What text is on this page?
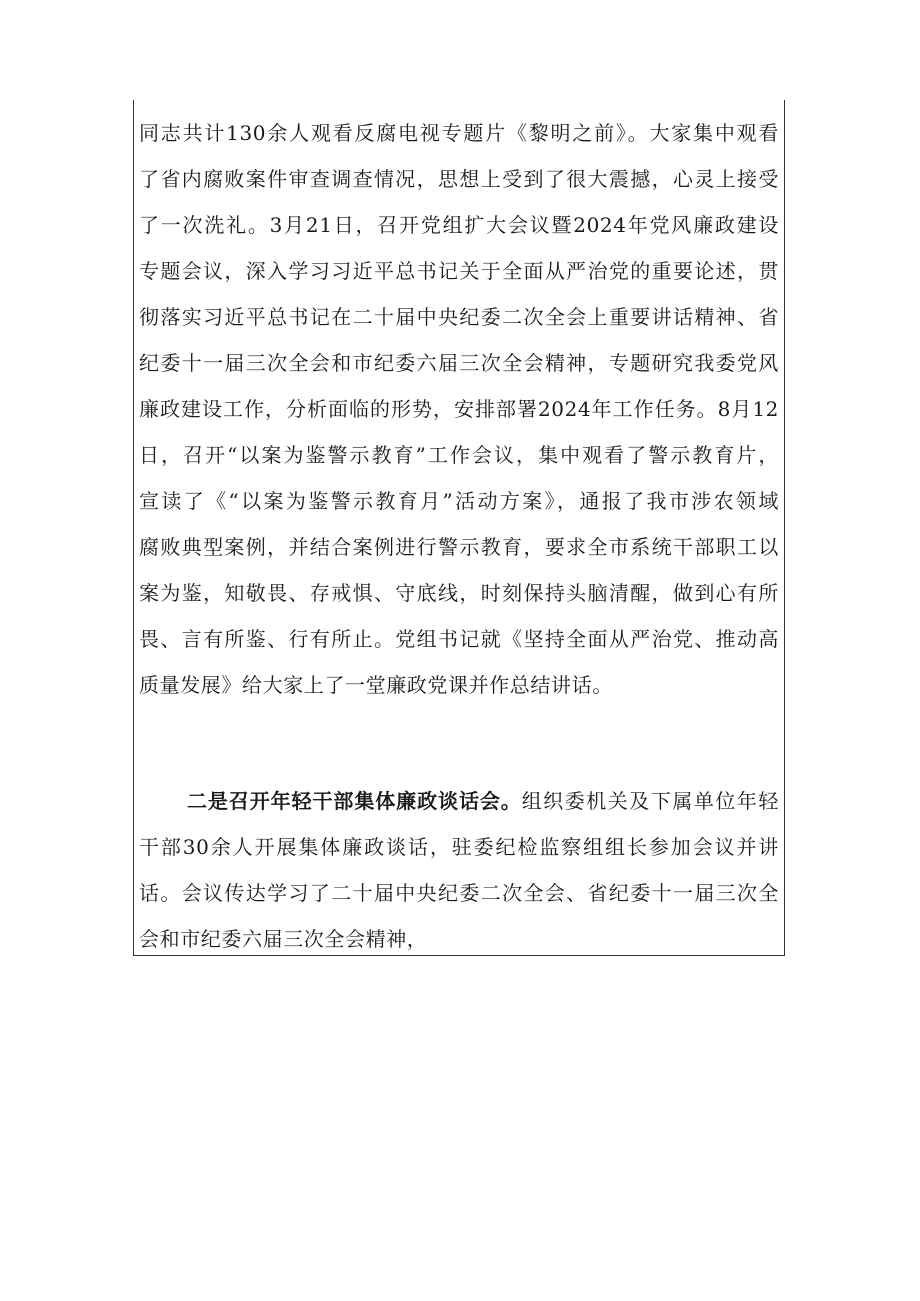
同志共计130余人观看反腐电视专题片《黎明之前》。大家集中观看
了省内腐败案件审查调查情况，思想上受到了很大震撼，心灵上接受
了一次洗礼。3月21日，召开党组扩大会议暨2024年党风廉政建设
专题会议，深入学习习近平总书记关于全面从严治党的重要论述，贯
彻落实习近平总书记在二十届中央纪委二次全会上重要讲话精神、省
纪委十一届三次全会和市纪委六届三次全会精神，专题研究我委党风
廉政建设工作，分析面临的形势，安排部署2024年工作任务。8月12
日，召开“以案为鉴警示教育”工作会议，集中观看了警示教育片，
宣读了《“以案为鉴警示教育月”活动方案》，通报了我市涉农领域
腐败典型案例，并结合案例进行警示教育，要求全市系统干部职工以
案为鉴，知敬畏、存戒惧、守底线，时刻保持头脑清醒，做到心有所
畏、言有所鉴、行有所止。党组书记就《坚持全面从严治党、推动高
质量发展》给大家上了一堂廉政党课并作总结讲话。
二是召开年轻干部集体廉政谈话会。组织委机关及下属单位年轻
干部30余人开展集体廉政谈话，驻委纪检监察组组长参加会议并讲
话。会议传达学习了二十届中央纪委二次全会、省纪委十一届三次全
会和市纪委六届三次全会精神，
